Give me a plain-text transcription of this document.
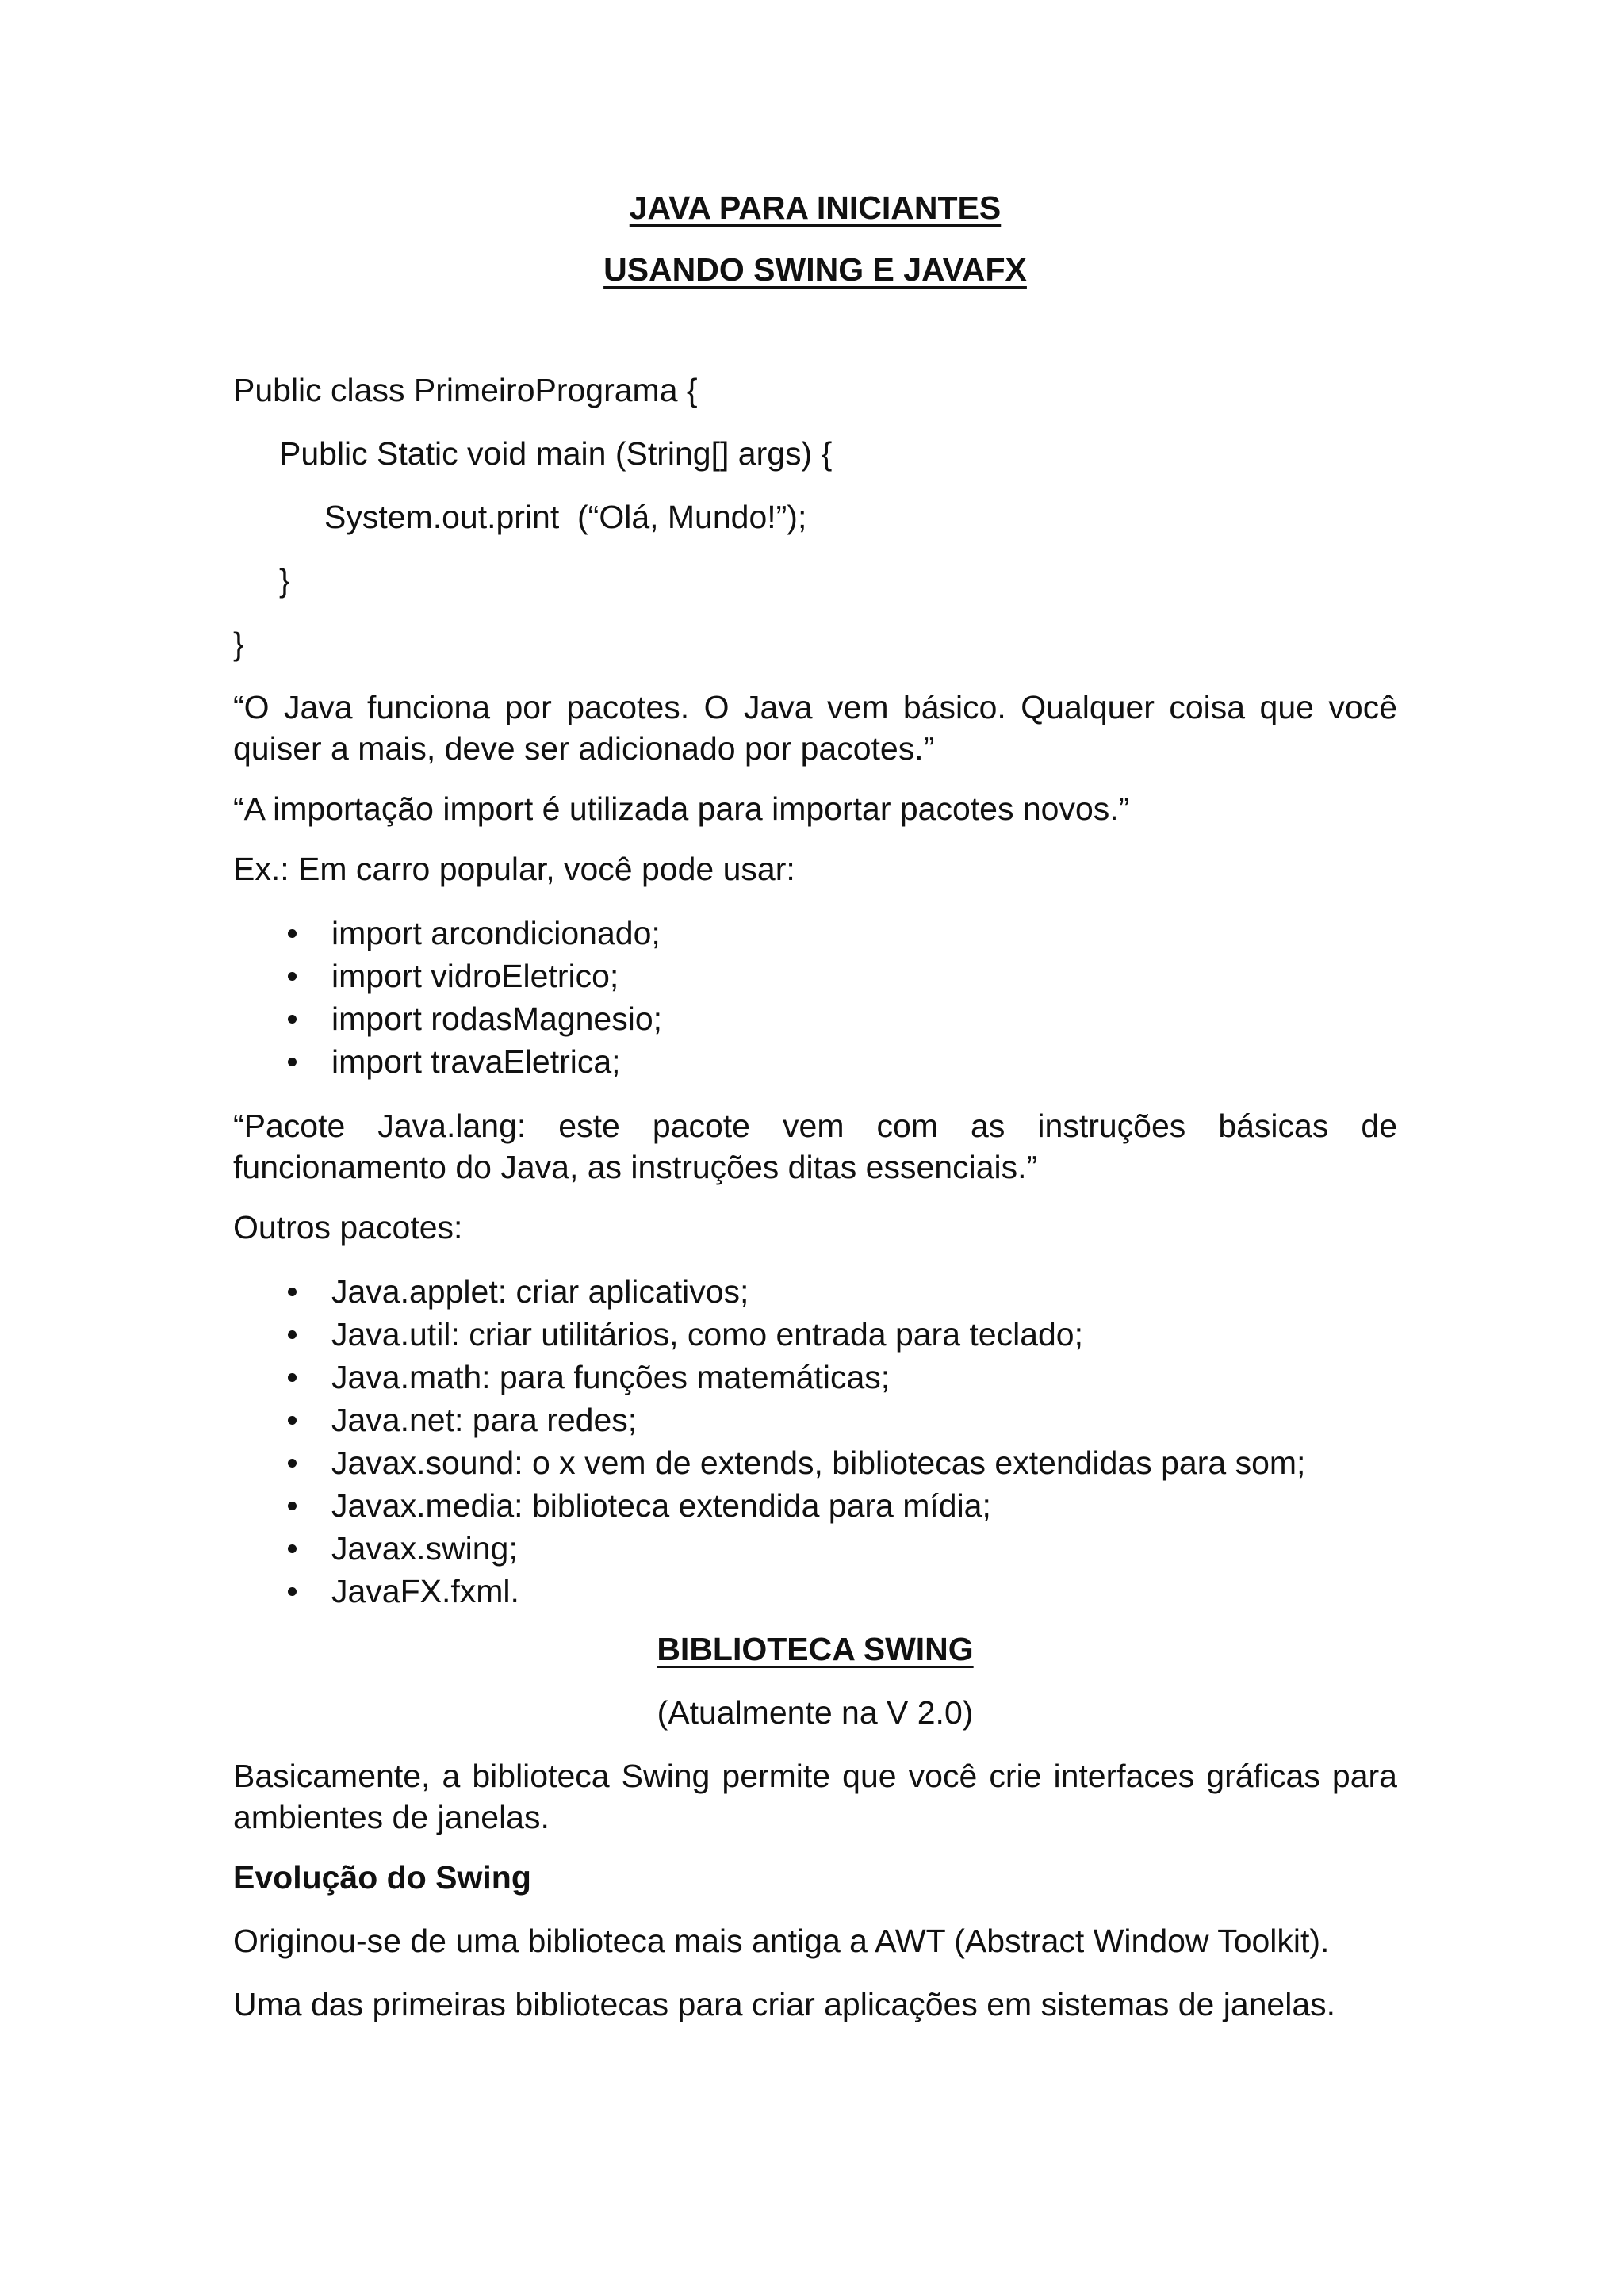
JAVA PARA INICIANTES
USANDO SWING E JAVAFX
Public class PrimeiroPrograma {
Public Static void main (String[] args) {
System.out.print  (“Olá, Mundo!”);
}
}

“O Java funciona por pacotes. O Java vem básico. Qualquer coisa que você quiser a mais, deve ser adicionado por pacotes.”

“A importação import é utilizada para importar pacotes novos.”

Ex.: Em carro popular, você pode usar:

import arcondicionado;
import vidroEletrico;
import rodasMagnesio;
import travaEletrica;

“Pacote Java.lang: este pacote vem com as instruções básicas de funcionamento do Java, as instruções ditas essenciais.”

Outros pacotes:

Java.applet: criar aplicativos;
Java.util: criar utilitários, como entrada para teclado;
Java.math: para funções matemáticas;
Java.net: para redes;
Javax.sound: o x vem de extends, bibliotecas extendidas para som;
Javax.media: biblioteca extendida para mídia;
Javax.swing;
JavaFX.fxml.
BIBLIOTECA SWING

(Atualmente na V 2.0)

Basicamente, a biblioteca Swing permite que você crie interfaces gráficas para ambientes de janelas.

Evolução do Swing

Originou-se de uma biblioteca mais antiga a AWT (Abstract Window Toolkit).

Uma das primeiras bibliotecas para criar aplicações em sistemas de janelas.
